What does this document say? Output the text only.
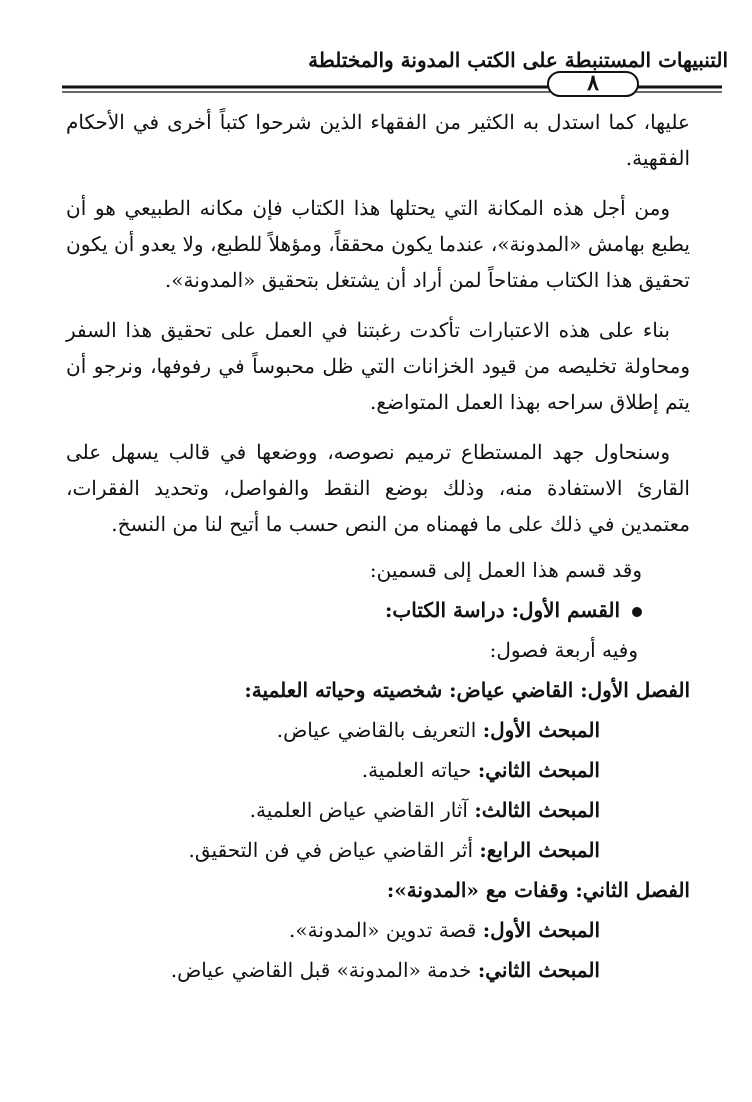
التنبيهات المستنبطة على الكتب المدونة والمختلطة
٨

عليها، كما استدل به الكثير من الفقهاء الذين شرحوا كتباً أخرى في الأحكام الفقهية.

ومن أجل هذه المكانة التي يحتلها هذا الكتاب فإن مكانه الطبيعي هو أن يطبع بهامش «المدونة»، عندما يكون محققاً، ومؤهلاً للطبع، ولا يعدو أن يكون تحقيق هذا الكتاب مفتاحاً لمن أراد أن يشتغل بتحقيق «المدونة».

بناء على هذه الاعتبارات تأكدت رغبتنا في العمل على تحقيق هذا السفر ومحاولة تخليصه من قيود الخزانات التي ظل محبوساً في رفوفها، ونرجو أن يتم إطلاق سراحه بهذا العمل المتواضع.

وسنحاول جهد المستطاع ترميم نصوصه، ووضعها في قالب يسهل على القارئ الاستفادة منه، وذلك بوضع النقط والفواصل، وتحديد الفقرات، معتمدين في ذلك على ما فهمناه من النص حسب ما أتيح لنا من النسخ.

وقد قسم هذا العمل إلى قسمين:
القسم الأول: دراسة الكتاب:
وفيه أربعة فصول:
الفصل الأول: القاضي عياض: شخصيته وحياته العلمية:
المبحث الأول: التعريف بالقاضي عياض.
المبحث الثاني: حياته العلمية.
المبحث الثالث: آثار القاضي عياض العلمية.
المبحث الرابع: أثر القاضي عياض في فن التحقيق.
الفصل الثاني: وقفات مع «المدونة»:
المبحث الأول: قصة تدوين «المدونة».
المبحث الثاني: خدمة «المدونة» قبل القاضي عياض.
